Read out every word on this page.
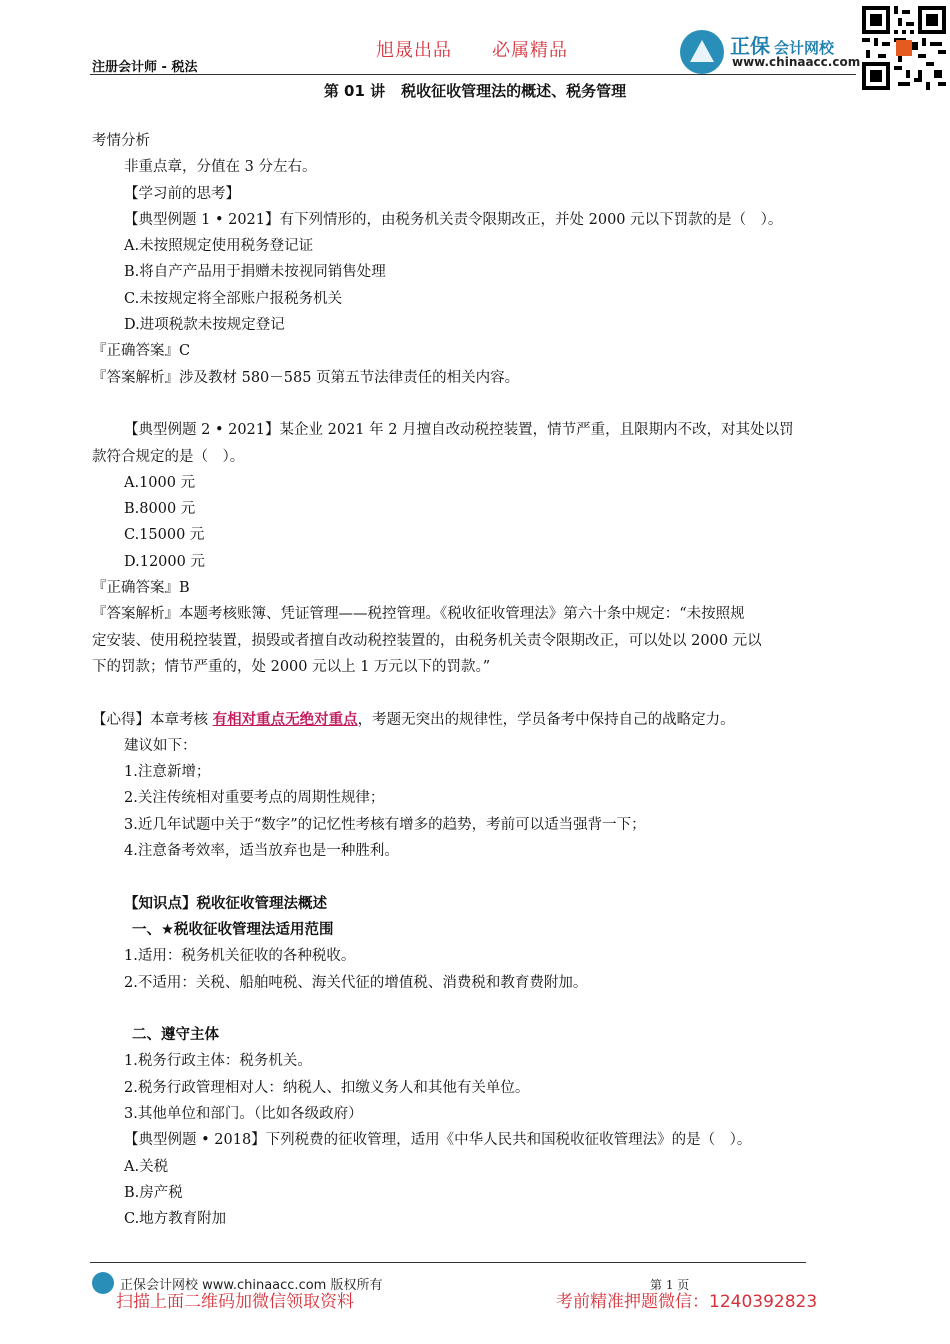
旭晟出品 必属精品
注册会计师 - 税法
正保 会计网校
www.chinaacc.com
第 01 讲 税收征收管理法的概述、税务管理
考情分析
非重点章，分值在 3 分左右。
【学习前的思考】
【典型例题 1 • 2021】有下列情形的，由税务机关责令限期改正，并处 2000 元以下罚款的是（　）。
A.未按照规定使用税务登记证
B.将自产产品用于捐赠未按视同销售处理
C.未按规定将全部账户报税务机关
D.进项税款未按规定登记
『正确答案』C
『答案解析』涉及教材 580－585 页第五节法律责任的相关内容。
【典型例题 2 • 2021】某企业 2021 年 2 月擅自改动税控装置，情节严重，且限期内不改，对其处以罚
款符合规定的是（　）。
A.1000 元
B.8000 元
C.15000 元
D.12000 元
『正确答案』B
『答案解析』本题考核账簿、凭证管理——税控管理。《税收征收管理法》第六十条中规定：“未按照规
定安装、使用税控装置，损毁或者擅自改动税控装置的，由税务机关责令限期改正，可以处以 2000 元以
下的罚款；情节严重的，处 2000 元以上 1 万元以下的罚款。”
【心得】本章考核 有相对重点无绝对重点，考题无突出的规律性，学员备考中保持自己的战略定力。
建议如下：
1.注意新增；
2.关注传统相对重要考点的周期性规律；
3.近几年试题中关于“数字”的记忆性考核有增多的趋势，考前可以适当强背一下；
4.注意备考效率，适当放弃也是一种胜利。
【知识点】税收征收管理法概述
一、★税收征收管理法适用范围
1.适用：税务机关征收的各种税收。
2.不适用：关税、船舶吨税、海关代征的增值税、消费税和教育费附加。
二、遵守主体
1.税务行政主体：税务机关。
2.税务行政管理相对人：纳税人、扣缴义务人和其他有关单位。
3.其他单位和部门。（比如各级政府）
【典型例题 • 2018】下列税费的征收管理，适用《中华人民共和国税收征收管理法》的是（　）。
A.关税
B.房产税
C.地方教育附加
正保会计网校 www.chinaacc.com 版权所有	第 1 页
扫描上面二维码加微信领取资料	考前精准押题微信：1240392823
